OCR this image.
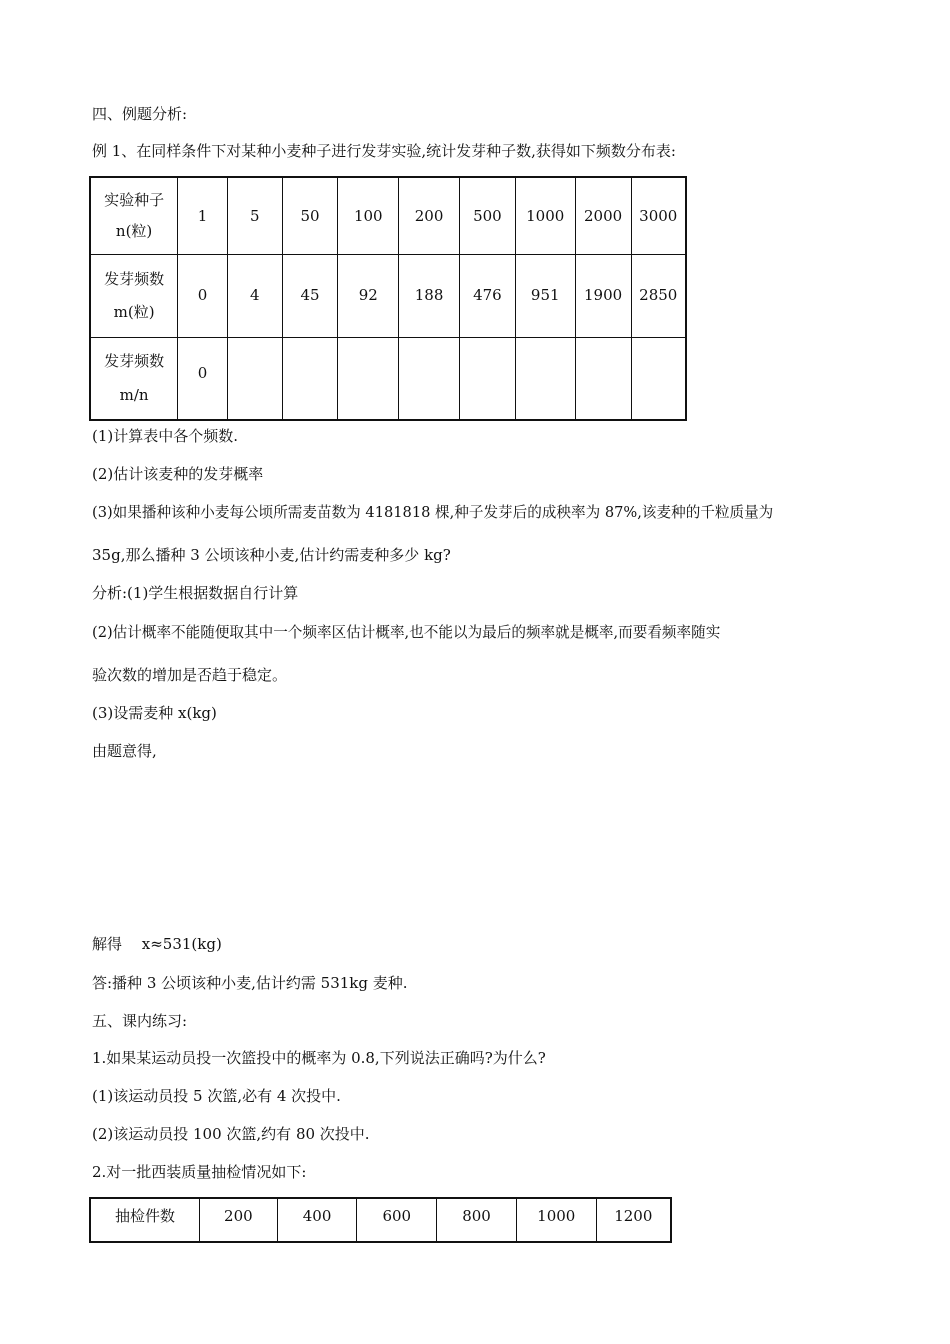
四、例题分析:
例 1、在同样条件下对某种小麦种子进行发芽实验,统计发芽种子数,获得如下频数分布表:
实验种子
n(粒)	1	5	50	100	200	500	1000	2000	3000

发芽频数
m(粒)	0	4	45	92	188	476	951	1900	2850

发芽频数
m/n	0								
(1)计算表中各个频数.
(2)估计该麦种的发芽概率
(3)如果播种该种小麦每公顷所需麦苗数为 4181818 棵,种子发芽后的成秧率为 87%,该麦种的千粒质量为
35g,那么播种 3 公顷该种小麦,估计约需麦种多少 kg?
分析:(1)学生根据数据自行计算
(2)估计概率不能随便取其中一个频率区估计概率,也不能以为最后的频率就是概率,而要看频率随实
验次数的增加是否趋于稳定。
(3)设需麦种 x(kg)
由题意得,
解得　 x≈531(kg)
答:播种 3 公顷该种小麦,估计约需 531kg 麦种.
五、课内练习:
1.如果某运动员投一次篮投中的概率为 0.8,下列说法正确吗?为什么?
(1)该运动员投 5 次篮,必有 4 次投中.
(2)该运动员投 100 次篮,约有 80 次投中.
2.对一批西装质量抽检情况如下:
抽检件数	200	400	600	800	1000	1200
